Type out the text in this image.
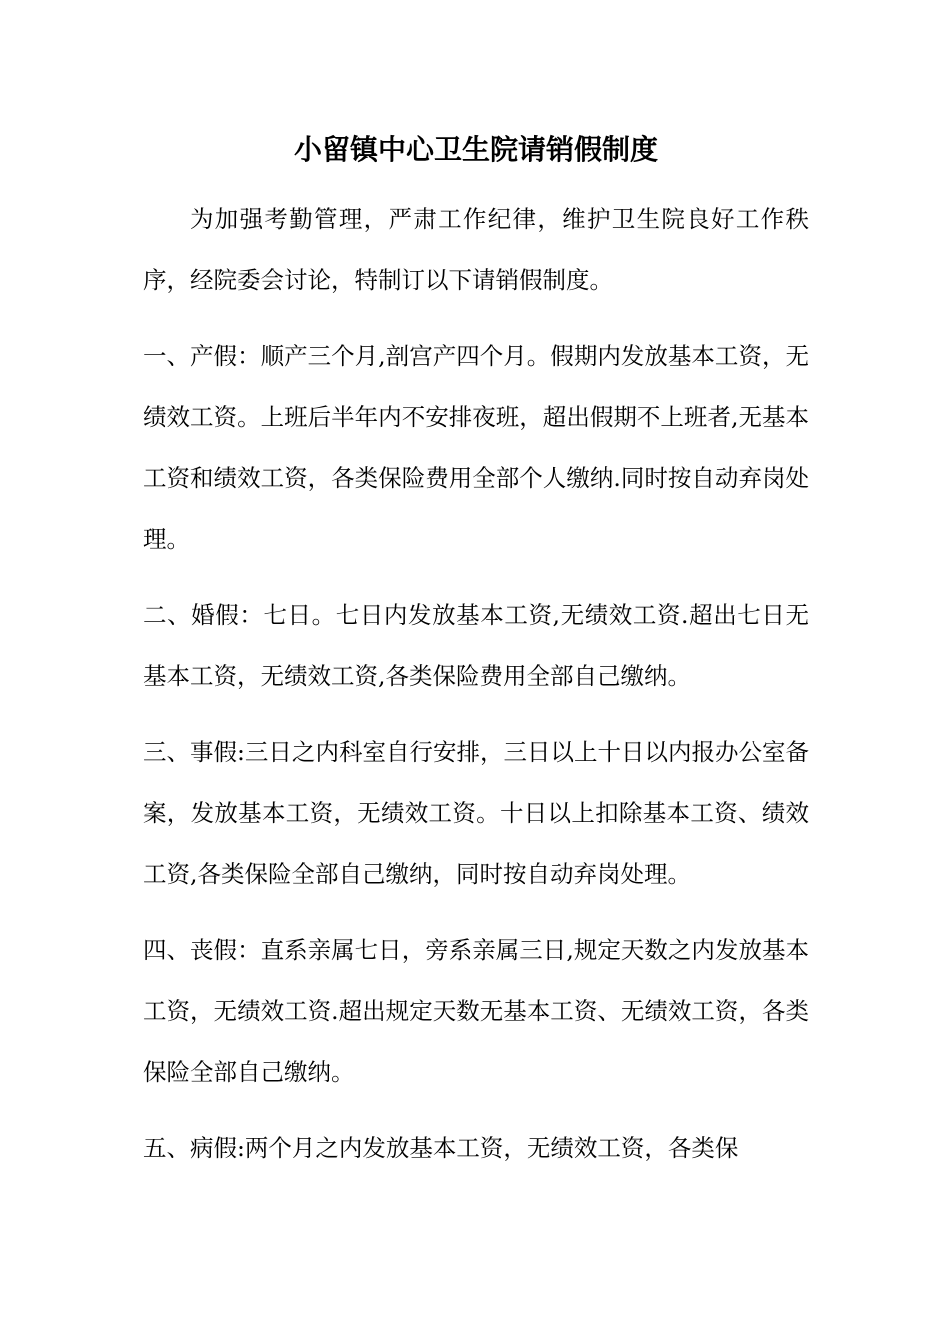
小留镇中心卫生院请销假制度

为加强考勤管理，严肃工作纪律，维护卫生院良好工作秩序，经院委会讨论，特制订以下请销假制度。

一、产假：顺产三个月,剖宫产四个月。假期内发放基本工资，无绩效工资。上班后半年内不安排夜班，超出假期不上班者,无基本工资和绩效工资，各类保险费用全部个人缴纳.同时按自动弃岗处理。

二、婚假：七日。七日内发放基本工资,无绩效工资.超出七日无基本工资，无绩效工资,各类保险费用全部自己缴纳。

三、事假:三日之内科室自行安排，三日以上十日以内报办公室备案，发放基本工资，无绩效工资。十日以上扣除基本工资、绩效工资,各类保险全部自己缴纳，同时按自动弃岗处理。

四、丧假：直系亲属七日，旁系亲属三日,规定天数之内发放基本工资，无绩效工资.超出规定天数无基本工资、无绩效工资，各类保险全部自己缴纳。

五、病假:两个月之内发放基本工资，无绩效工资，各类保
